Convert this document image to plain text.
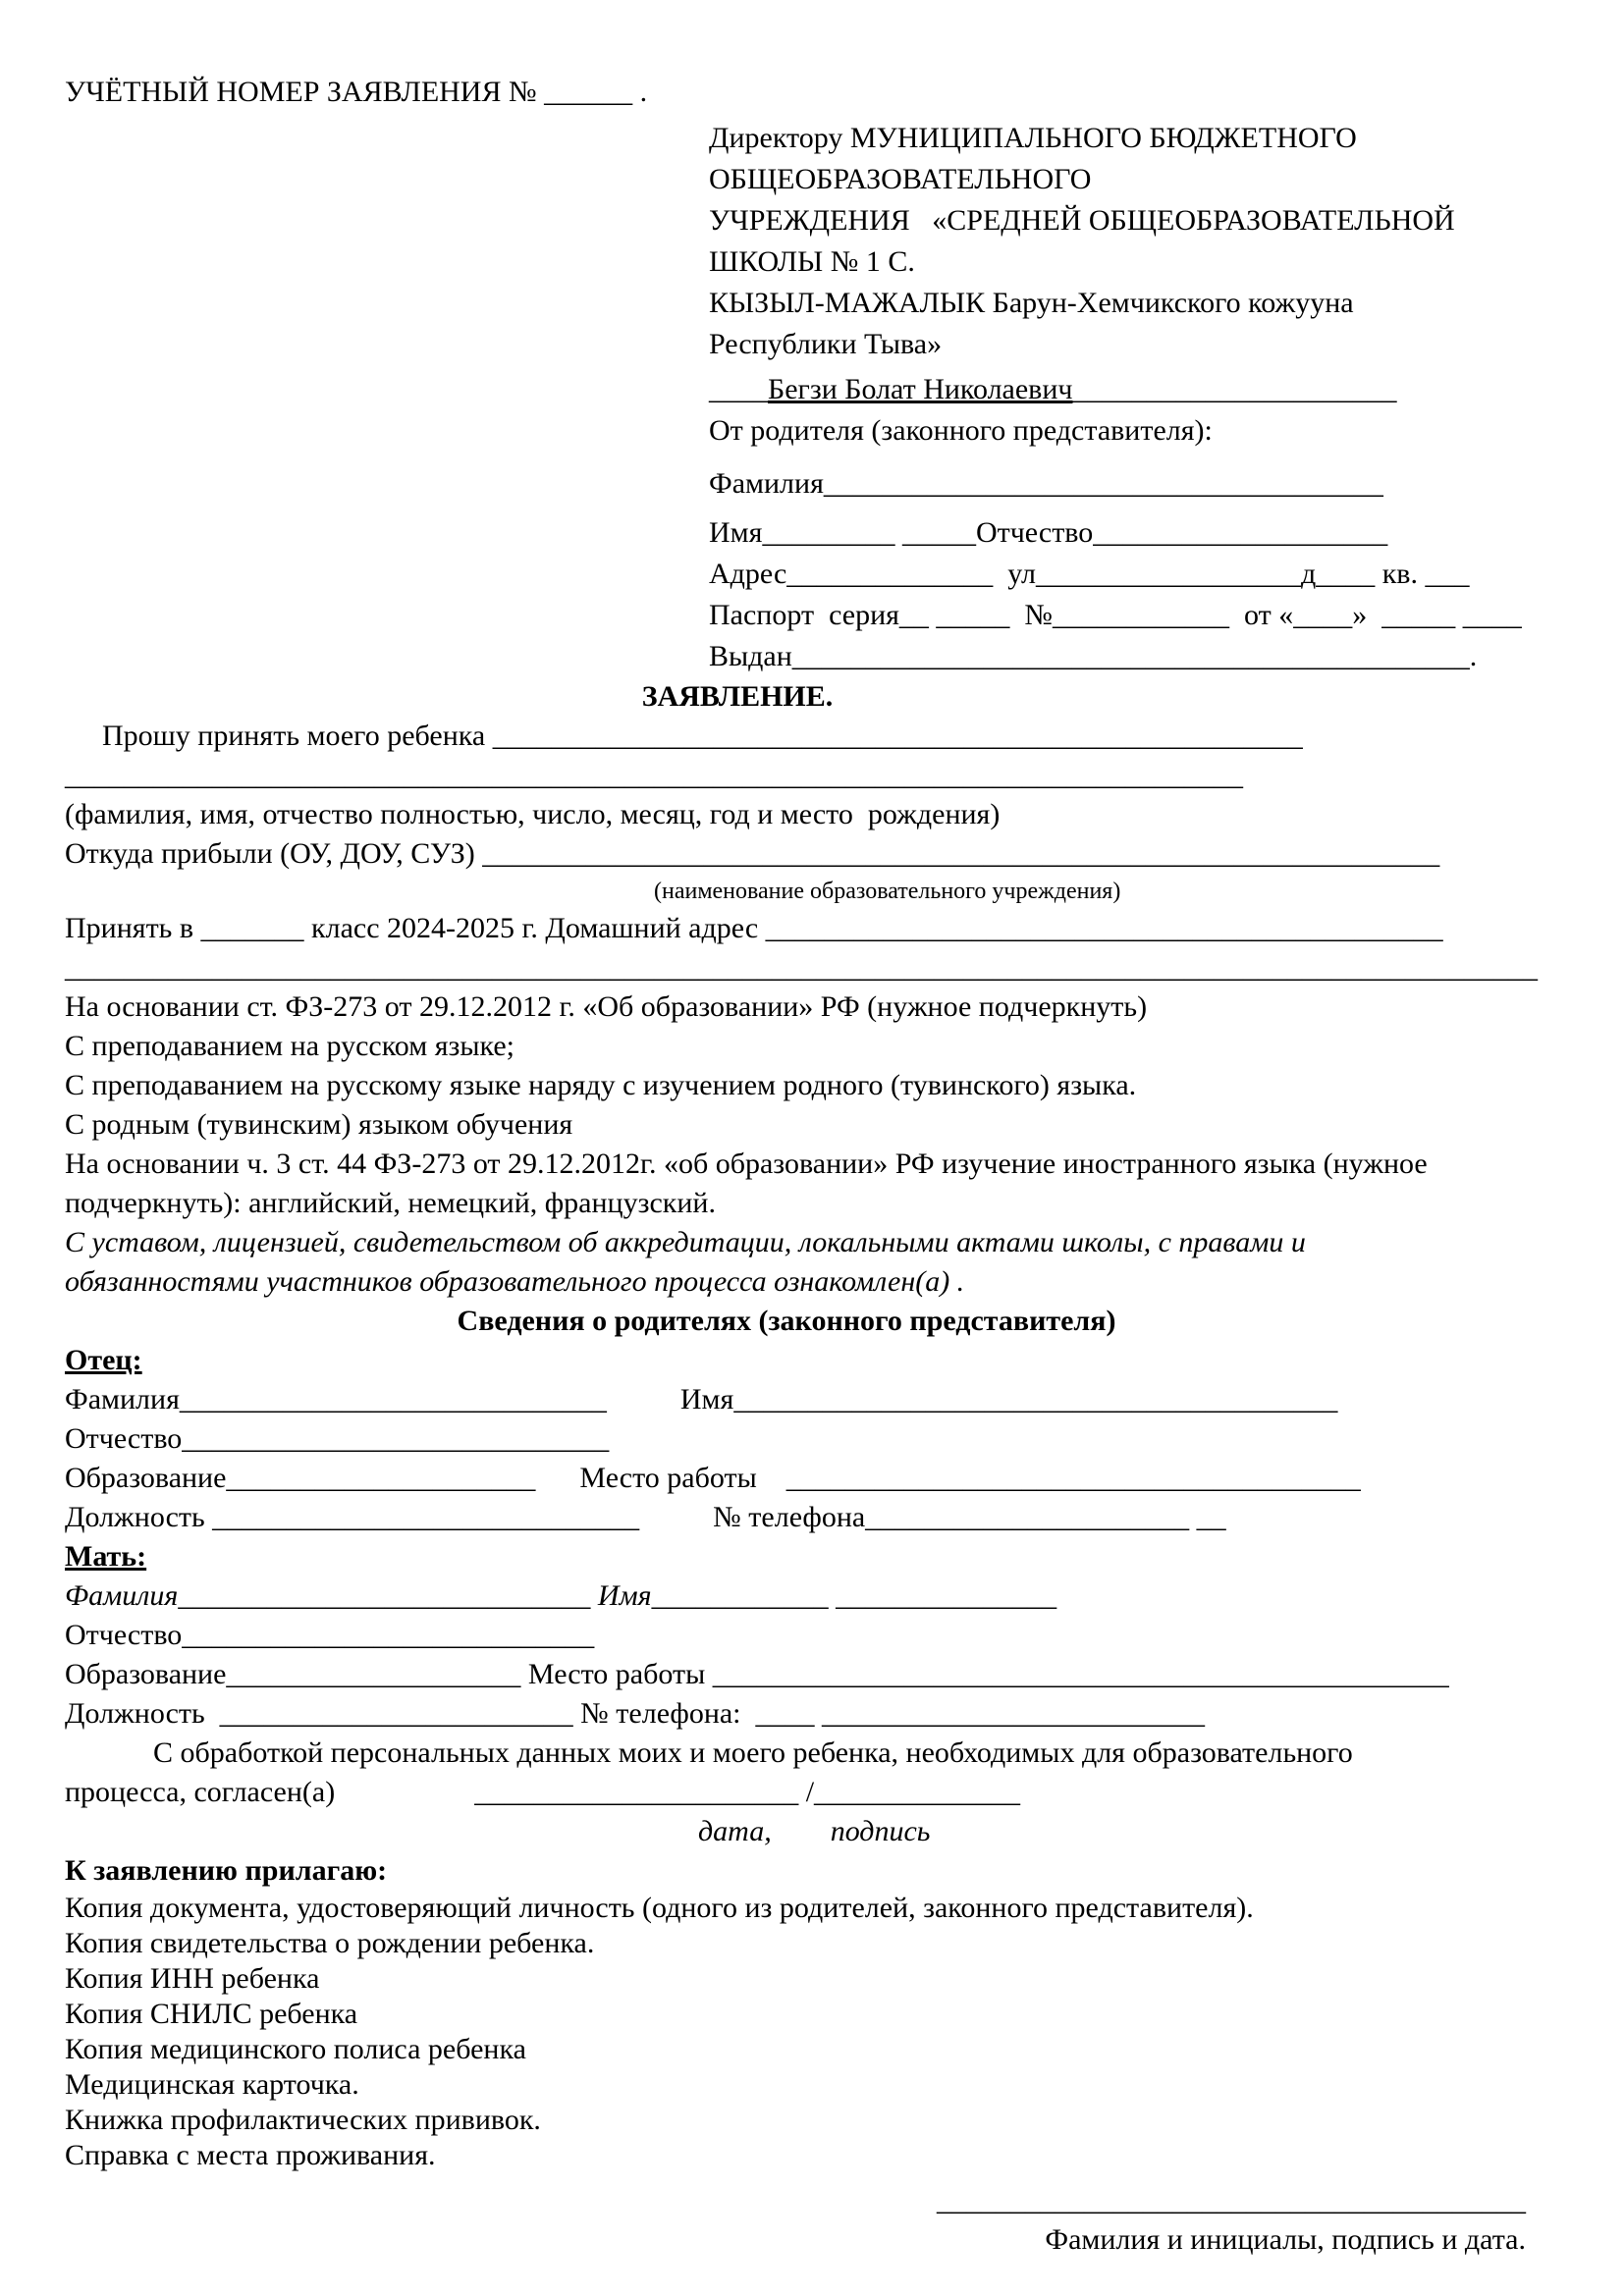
УЧЁТНЫЙ НОМЕР ЗАЯВЛЕНИЯ № ______ .
Директору МУНИЦИПАЛЬНОГО БЮДЖЕТНОГО
ОБЩЕОБРАЗОВАТЕЛЬНОГО
УЧРЕЖДЕНИЯ   «СРЕДНЕЙ ОБЩЕОБРАЗОВАТЕЛЬНОЙ
ШКОЛЫ № 1 С.
КЫЗЫЛ-МАЖАЛЫК Барун-Хемчикского кожууна
Республики Тыва»
____Бегзи Болат Николаевич______________________
От родителя (законного представителя):
Фамилия______________________________________
Имя_________ _____Отчество____________________
Адрес______________  ул__________________д____ кв. ___
Паспорт  серия__ _____  №____________  от «____»  _____ ____
Выдан______________________________________________.
ЗАЯВЛЕНИЕ.
Прошу принять моего ребенка _______________________________________________________
________________________________________________________________________________
(фамилия, имя, отчество полностью, число, месяц, год и место  рождения)
Откуда прибыли (ОУ, ДОУ, СУЗ) _________________________________________________________________
(наименование образовательного учреждения)
Принять в _______ класс 2024-2025 г. Домашний адрес ______________________________________________
____________________________________________________________________________________________________
На основании ст. ФЗ-273 от 29.12.2012 г. «Об образовании» РФ (нужное подчеркнуть)
С преподаванием на русском языке;
С преподаванием на русскому языке наряду с изучением родного (тувинского) языка.
С родным (тувинским) языком обучения
На основании ч. 3 ст. 44 ФЗ-273 от 29.12.2012г. «об образовании» РФ изучение иностранного языка (нужное подчеркнуть): английский, немецкий, французский.
С уставом, лицензией, свидетельством об аккредитации, локальными актами школы, с правами и обязанностями участников образовательного процесса ознакомлен(а) .
Сведения о родителях (законного представителя)
Отец:
Фамилия_____________________________          Имя_________________________________________
Отчество_____________________________
Образование_____________________      Место работы    _______________________________________
Должность _____________________________          № телефона______________________ __
Мать:
Фамилия____________________________ Имя____________ _______________
Отчество____________________________
Образование____________________ Место работы __________________________________________________
Должность  ________________________ № телефона:  ____ __________________________
С обработкой персональных данных моих и моего ребенка, необходимых для образовательного
процесса, согласен(а)	______________________ /______________
дата,        подпись
К заявлению прилагаю:
Копия документа, удостоверяющий личность (одного из родителей, законного представителя).
Копия свидетельства о рождении ребенка.
Копия ИНН ребенка
Копия СНИЛС ребенка
Копия медицинского полиса ребенка
Медицинская карточка.
Книжка профилактических прививок.
Справка с места проживания.
________________________________________
Фамилия и инициалы, подпись и дата.
